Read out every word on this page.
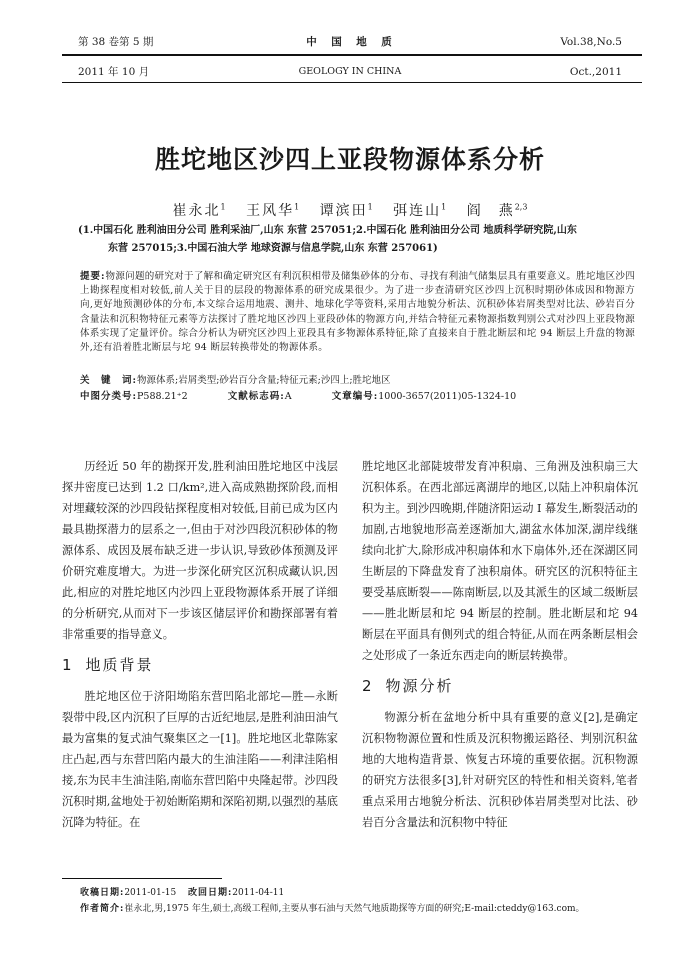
第 38 卷第 5 期
2011 年 10 月
中　国　地　质
GEOLOGY IN CHINA
Vol.38,No.5
Oct.,2011
胜坨地区沙四上亚段物源体系分析
崔永北$^1$ 王风华$^1$ 谭滨田$^1$ 弭连山$^1$ 阎　燕$^{2,3}$
(1.中国石化 胜利油田分公司 胜利采油厂,山东 东营 257051;2.中国石化 胜利油田分公司 地质科学研究院,山东
东营 257015;3.中国石油大学 地球资源与信息学院,山东 东营 257061)
提要:物源问题的研究对于了解和确定研究区有利沉积相带及储集砂体的分布、寻找有利油气储集层具有重要意义。胜坨地区沙四上勘探程度相对较低,前人关于目的层段的物源体系的研究成果很少。为了进一步查清研究区沙四上沉积时期砂体成因和物源方向,更好地预测砂体的分布,本文综合运用地震、测井、地球化学等资料,采用古地貌分析法、沉积砂体岩屑类型对比法、砂岩百分含量法和沉积物特征元素等方法探讨了胜坨地区沙四上亚段砂体的物源方向,并结合特征元素物源指数判别公式对沙四上亚段物源体系实现了定量评价。综合分析认为研究区沙四上亚段具有多物源体系特征,除了直接来自于胜北断层和坨 94 断层上升盘的物源外,还有沿着胜北断层与坨 94 断层转换带处的物源体系。
关　键　词:物源体系;岩屑类型;砂岩百分含量;特征元素;沙四上;胜坨地区
中图分类号:P588.21⁺2	文献标志码:A	文章编号:1000-3657(2011)05-1324-10

历经近 50 年的勘探开发,胜利油田胜坨地区中浅层探井密度已达到 1.2 口/km²,进入高成熟勘探阶段,而相对埋藏较深的沙四段钻探程度相对较低,目前已成为区内最具勘探潜力的层系之一,但由于对沙四段沉积砂体的物源体系、成因及展布缺乏进一步认识,导致砂体预测及评价研究难度增大。为进一步深化研究区沉积成藏认识,因此,相应的对胜坨地区内沙四上亚段物源体系开展了详细的分析研究,从而对下一步该区储层评价和勘探部署有着非常重要的指导意义。

1 地质背景

胜坨地区位于济阳坳陷东营凹陷北部坨—胜—永断裂带中段,区内沉积了巨厚的古近纪地层,是胜利油田油气最为富集的复式油气聚集区之一[1]。胜坨地区北靠陈家庄凸起,西与东营凹陷内最大的生油洼陷——利津洼陷相接,东为民丰生油洼陷,南临东营凹陷中央隆起带。沙四段沉积时期,盆地处于初始断陷期和深陷初期,以强烈的基底沉降为特征。在

胜坨地区北部陡坡带发育冲积扇、三角洲及浊积扇三大沉积体系。在西北部远离湖岸的地区,以陆上冲积扇体沉积为主。到沙四晚期,伴随济阳运动 I 幕发生,断裂活动的加剧,古地貌地形高差逐渐加大,湖盆水体加深,湖岸线继续向北扩大,除形成冲积扇体和水下扇体外,还在深湖区同生断层的下降盘发育了浊积扇体。研究区的沉积特征主要受基底断裂——陈南断层,以及其派生的区域二级断层——胜北断层和坨 94 断层的控制。胜北断层和坨 94 断层在平面具有侧列式的组合特征,从而在两条断层相会之处形成了一条近东西走向的断层转换带。

2 物源分析

物源分析在盆地分析中具有重要的意义[2],是确定沉积物物源位置和性质及沉积物搬运路径、判别沉积盆地的大地构造背景、恢复古环境的重要依据。沉积物源的研究方法很多[3],针对研究区的特性和相关资料,笔者重点采用古地貌分析法、沉积砂体岩屑类型对比法、砂岩百分含量法和沉积物中特征

收稿日期:2011-01-15 改回日期:2011-04-11
作者简介:崔永北,男,1975 年生,硕士,高级工程师,主要从事石油与天然气地质勘探等方面的研究;E-mail:cteddy@163.com。
